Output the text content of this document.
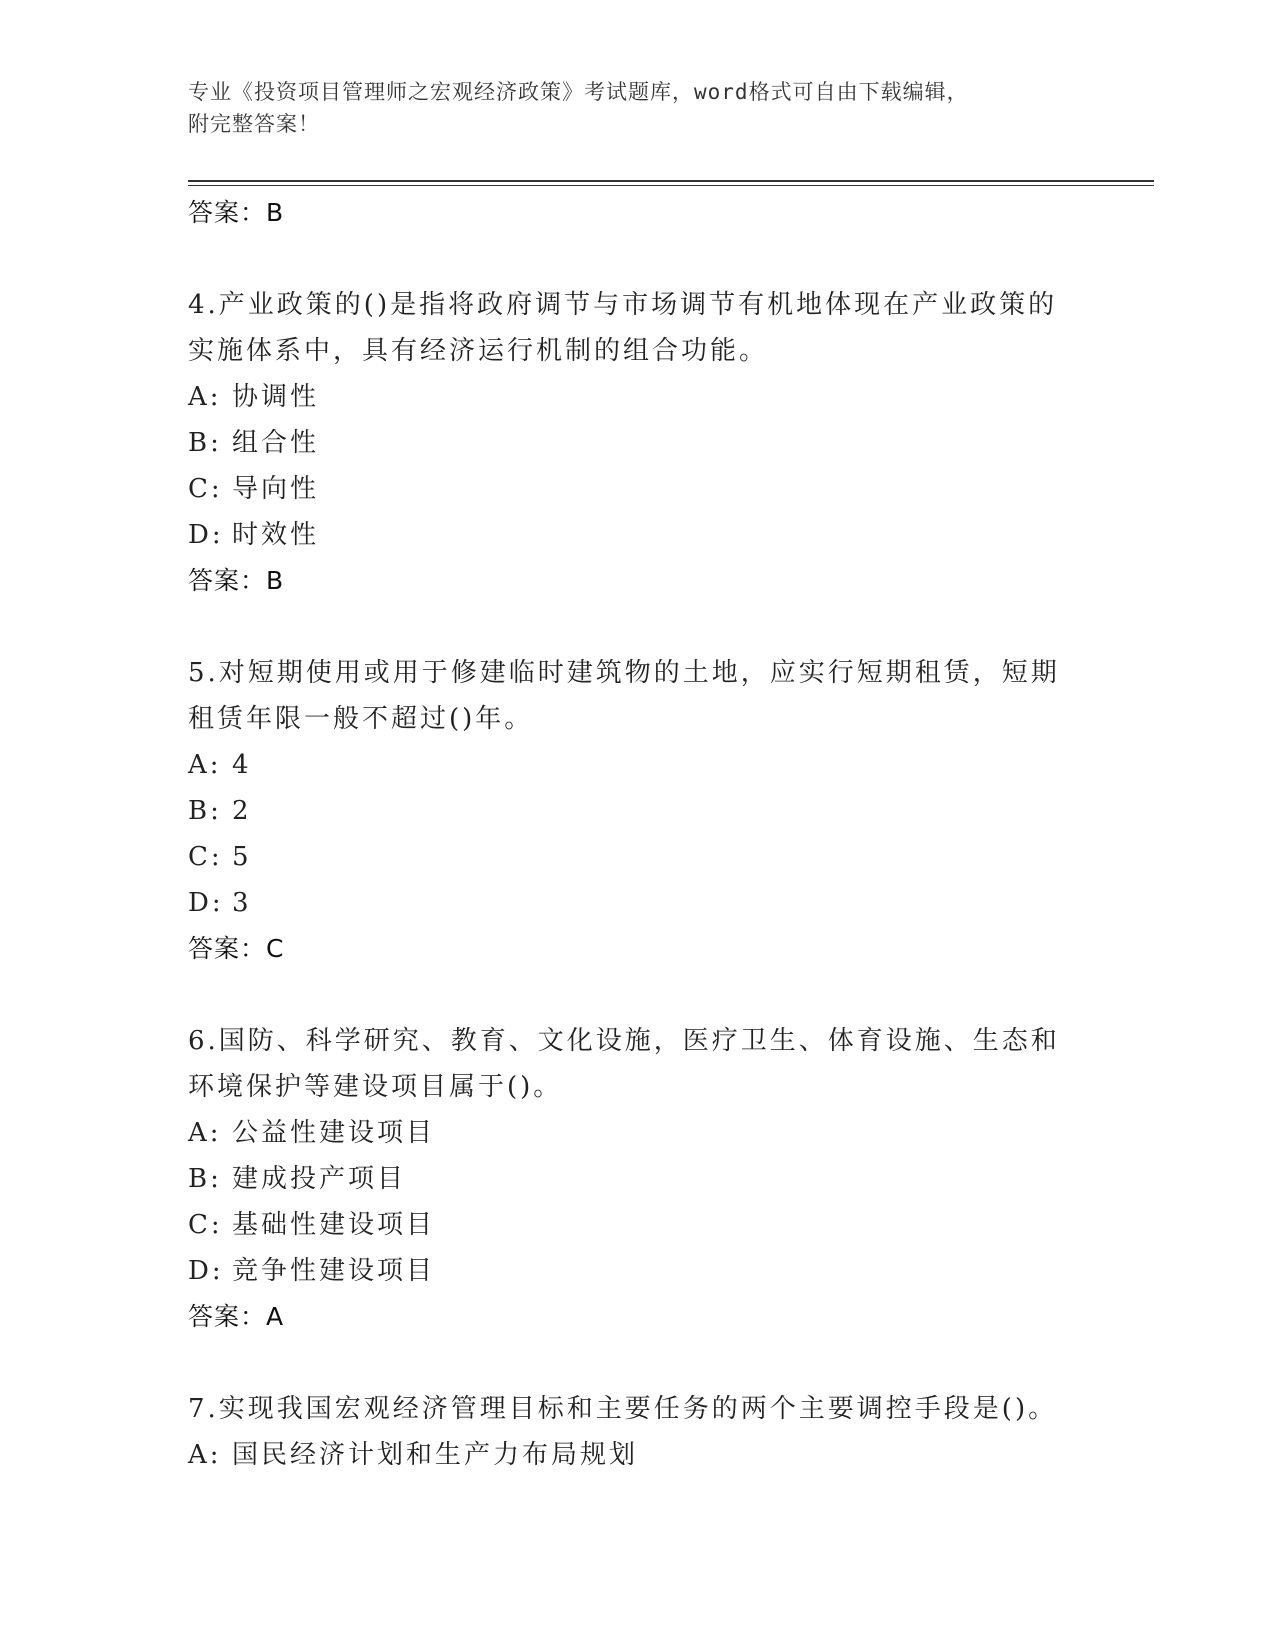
专业《投资项目管理师之宏观经济政策》考试题库，word格式可自由下载编辑，
附完整答案！
答案：B
4.产业政策的()是指将政府调节与市场调节有机地体现在产业政策的
实施体系中，具有经济运行机制的组合功能。
A: 协调性
B: 组合性
C: 导向性
D: 时效性
答案：B
5.对短期使用或用于修建临时建筑物的土地，应实行短期租赁，短期
租赁年限一般不超过()年。
A: 4
B: 2
C: 5
D: 3
答案：C
6.国防、科学研究、教育、文化设施，医疗卫生、体育设施、生态和
环境保护等建设项目属于()。
A: 公益性建设项目
B: 建成投产项目
C: 基础性建设项目
D: 竞争性建设项目
答案：A
7.实现我国宏观经济管理目标和主要任务的两个主要调控手段是()。
A: 国民经济计划和生产力布局规划
